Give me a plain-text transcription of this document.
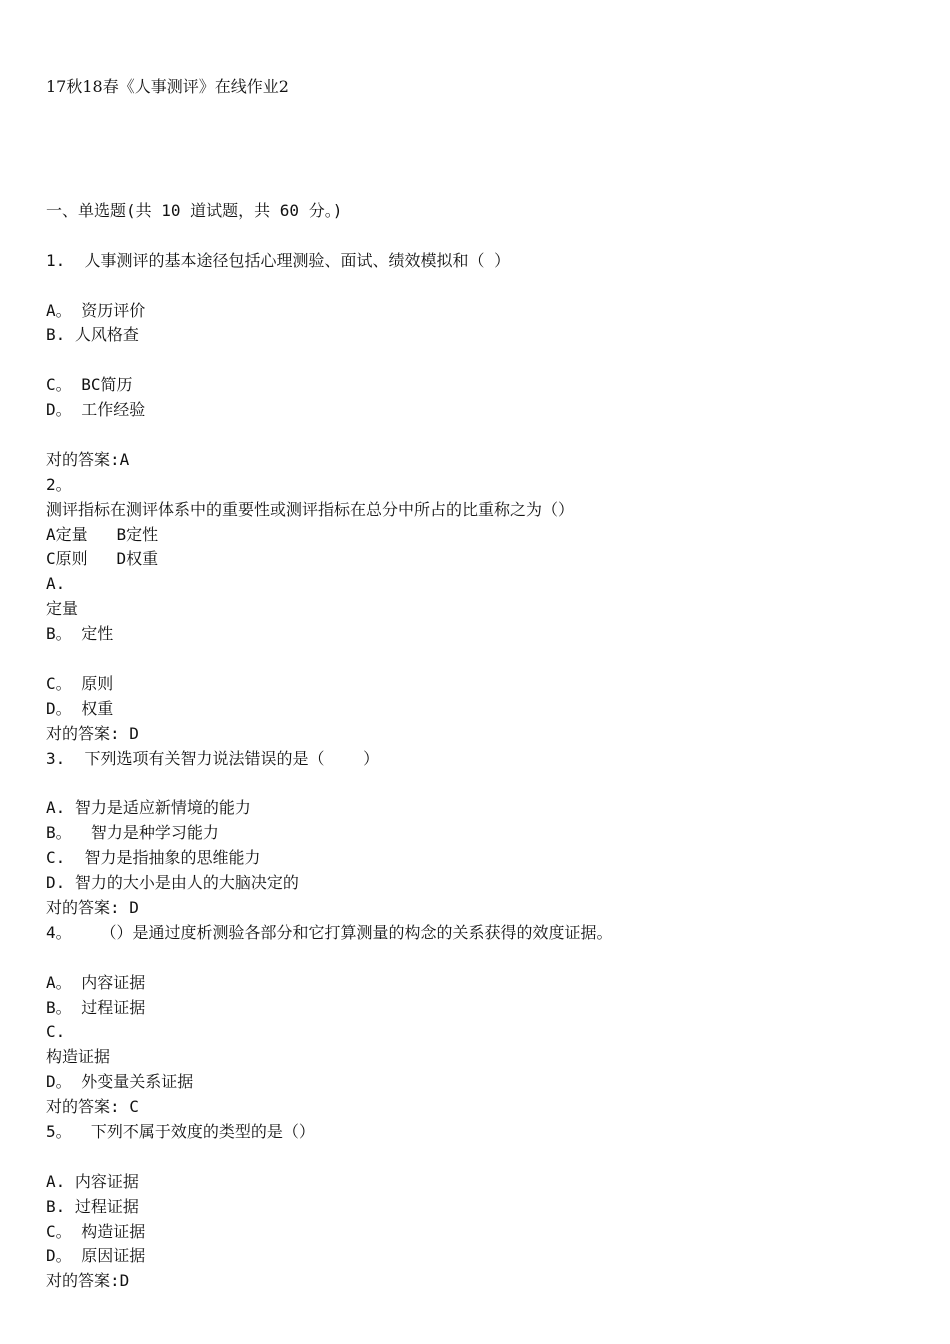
17秋18春《人事测评》在线作业2
一、单选题(共 10 道试题，共 60 分。)
1.  人事测评的基本途径包括心理测验、面试、绩效模拟和（ ）
A。 资历评价
B. 人风格查
C。 BC简历
D。 工作经验
对的答案:A
2。
测评指标在测评体系中的重要性或测评指标在总分中所占的比重称之为（）
A定量   B定性
C原则   D权重
A.
定量
B。 定性
C。 原则
D。 权重
对的答案: D
3.  下列选项有关智力说法错误的是（    ）
A. 智力是适应新情境的能力
B。  智力是种学习能力
C.  智力是指抽象的思维能力
D. 智力的大小是由人的大脑决定的
对的答案: D
4。   （）是通过度析测验各部分和它打算测量的构念的关系获得的效度证据。
A。 内容证据
B。 过程证据
C.
构造证据
D。 外变量关系证据
对的答案: C
5。  下列不属于效度的类型的是（）
A. 内容证据
B. 过程证据
C。 构造证据
D。 原因证据
对的答案:D
